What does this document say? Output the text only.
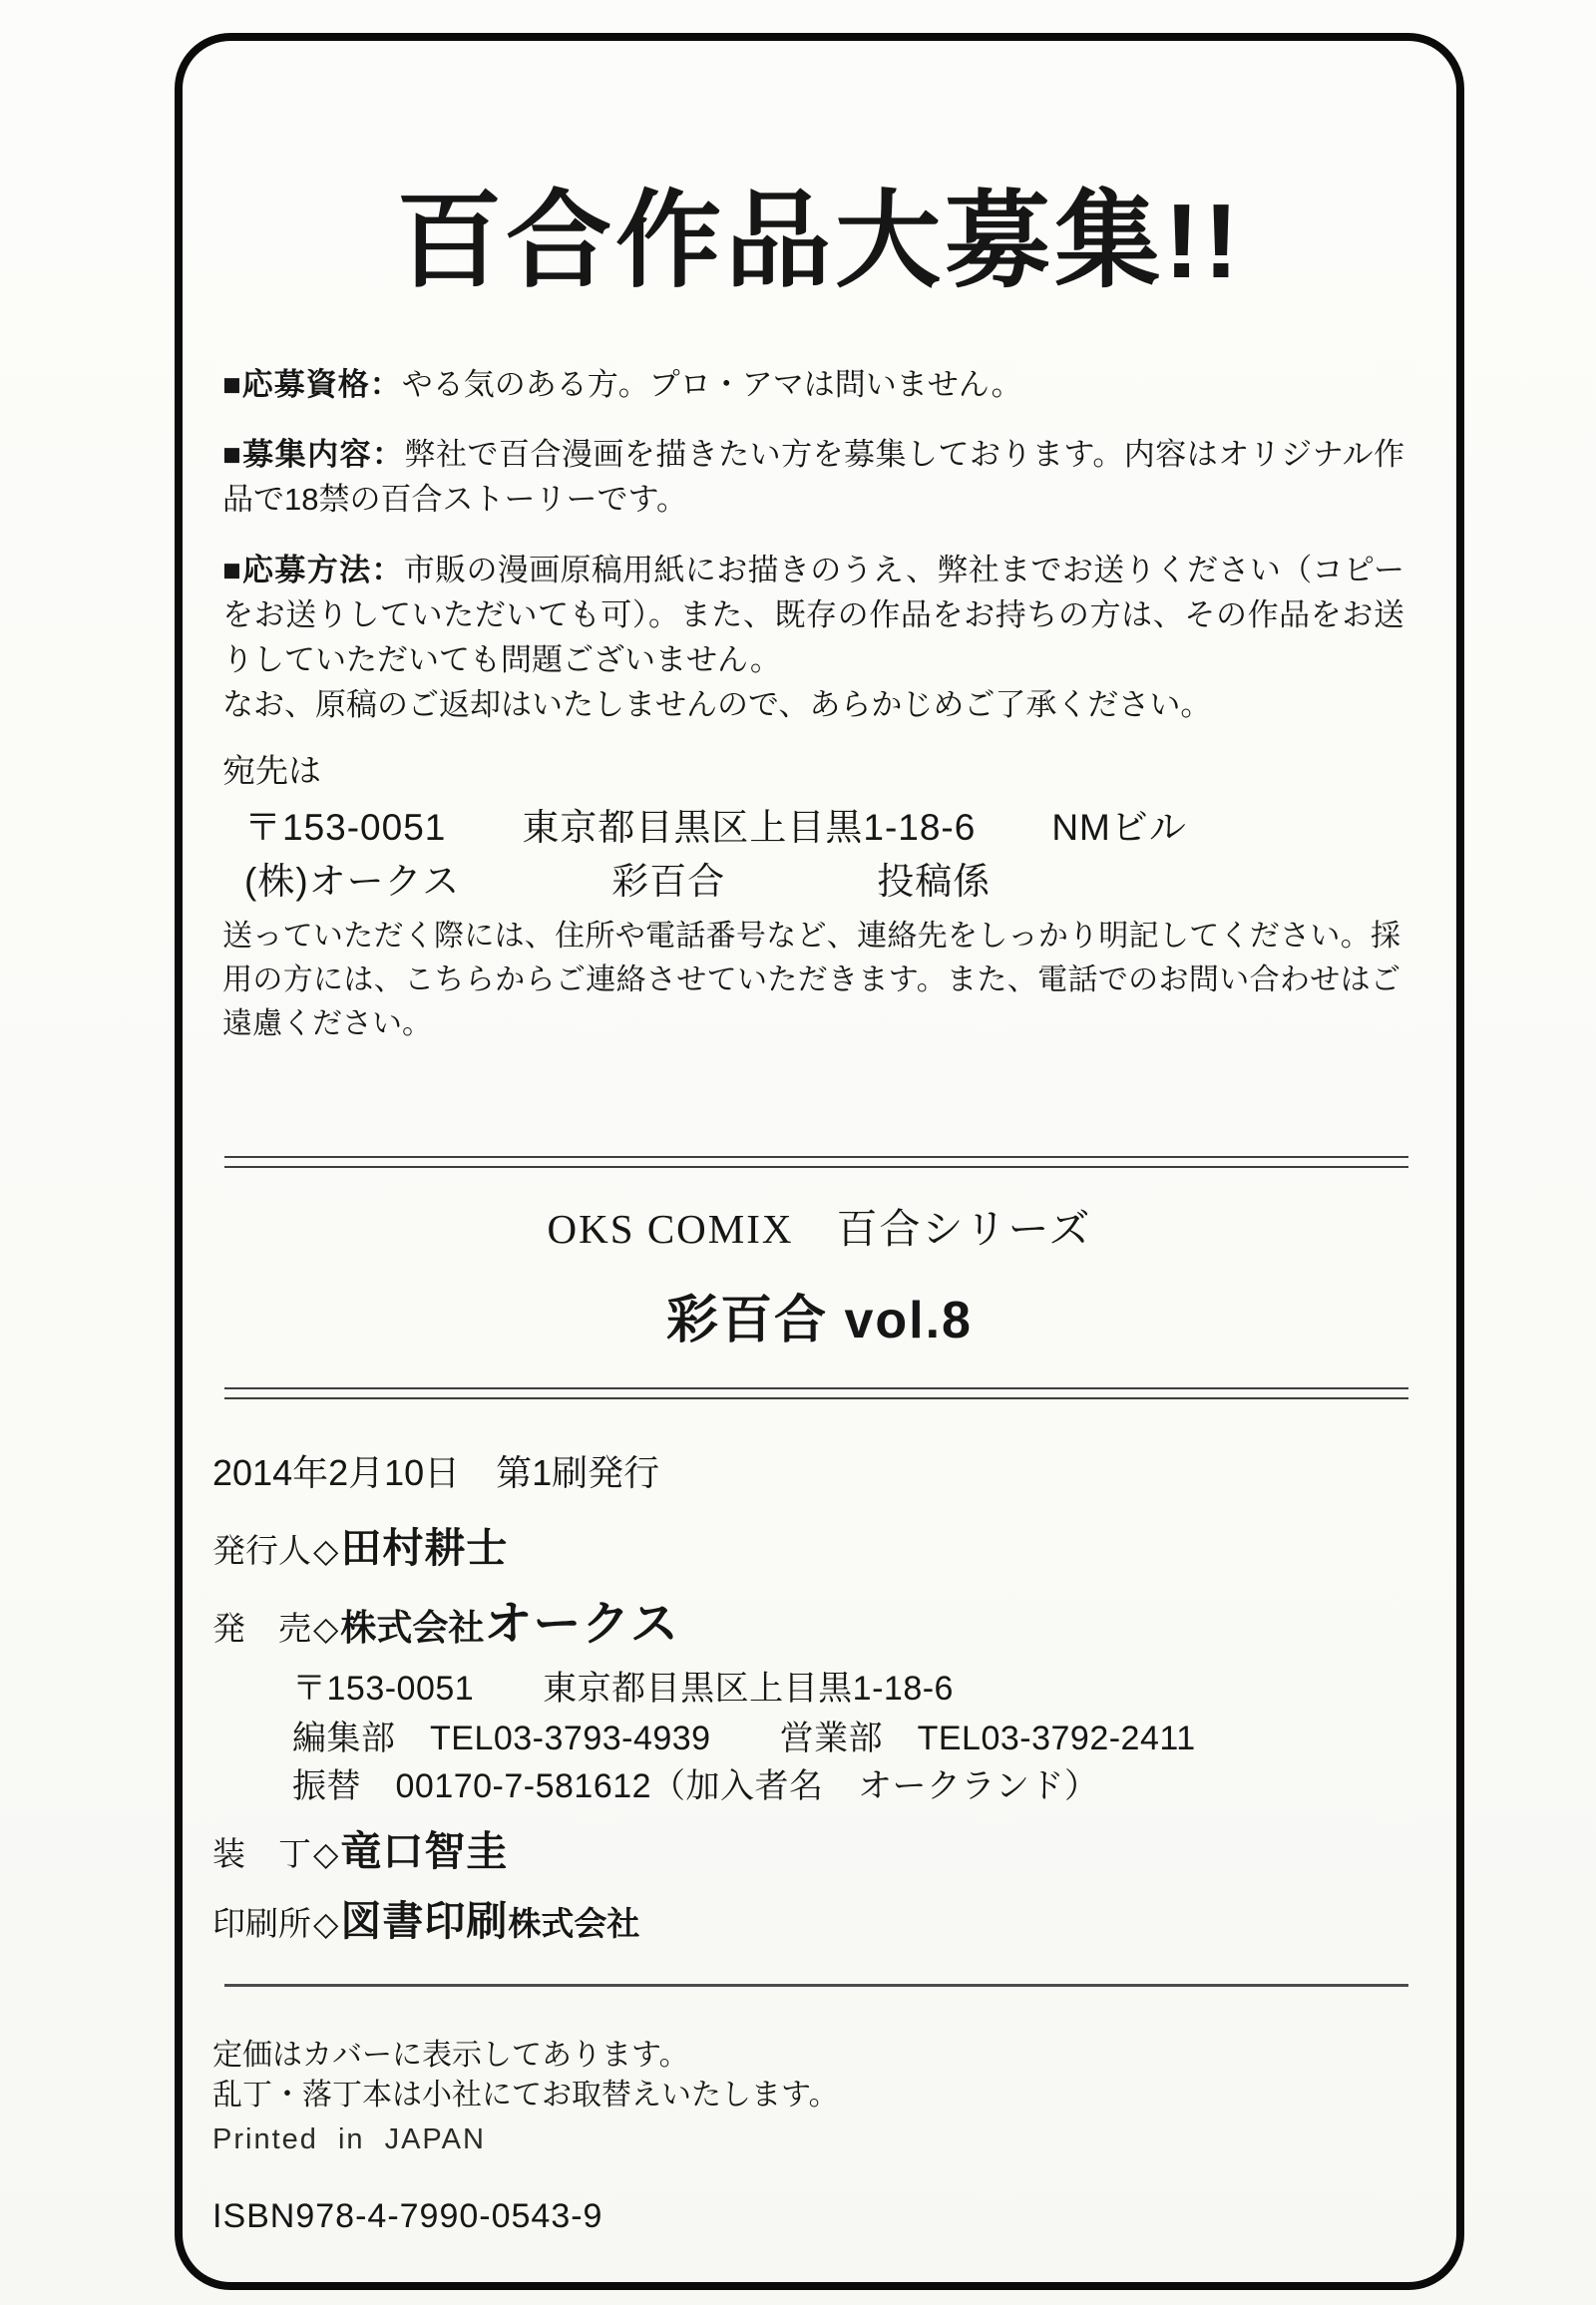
百合作品大募集!!

■応募資格：やる気のある方。プロ・アマは問いません。

■募集内容：弊社で百合漫画を描きたい方を募集しております。内容はオリジナル作品で18禁の百合ストーリーです。

■応募方法：市販の漫画原稿用紙にお描きのうえ、弊社までお送りください（コピーをお送りしていただいても可）。また、既存の作品をお持ちの方は、その作品をお送りしていただいても問題ございません。
なお、原稿のご返却はいたしませんので、あらかじめご了承ください。

宛先は

〒153-0051　　東京都目黒区上目黒1-18-6　　NMビル

(株)オークス　　　　彩百合　　　　投稿係

送っていただく際には、住所や電話番号など、連絡先をしっかり明記してください。採用の方には、こちらからご連絡させていただきます。また、電話でのお問い合わせはご遠慮ください。

OKS COMIX　百合シリーズ

彩百合 vol.8

2014年2月10日　第1刷発行

発行人◇田村耕士

発　売◇株式会社オークス

〒153-0051　　東京都目黒区上目黒1-18-6

編集部　TEL03-3793-4939　　営業部　TEL03-3792-2411

振替　00170-7-581612（加入者名　オークランド）

装　丁◇竜口智圭

印刷所◇図書印刷株式会社

定価はカバーに表示してあります。

乱丁・落丁本は小社にてお取替えいたします。

Printed in JAPAN

ISBN978-4-7990-0543-9
